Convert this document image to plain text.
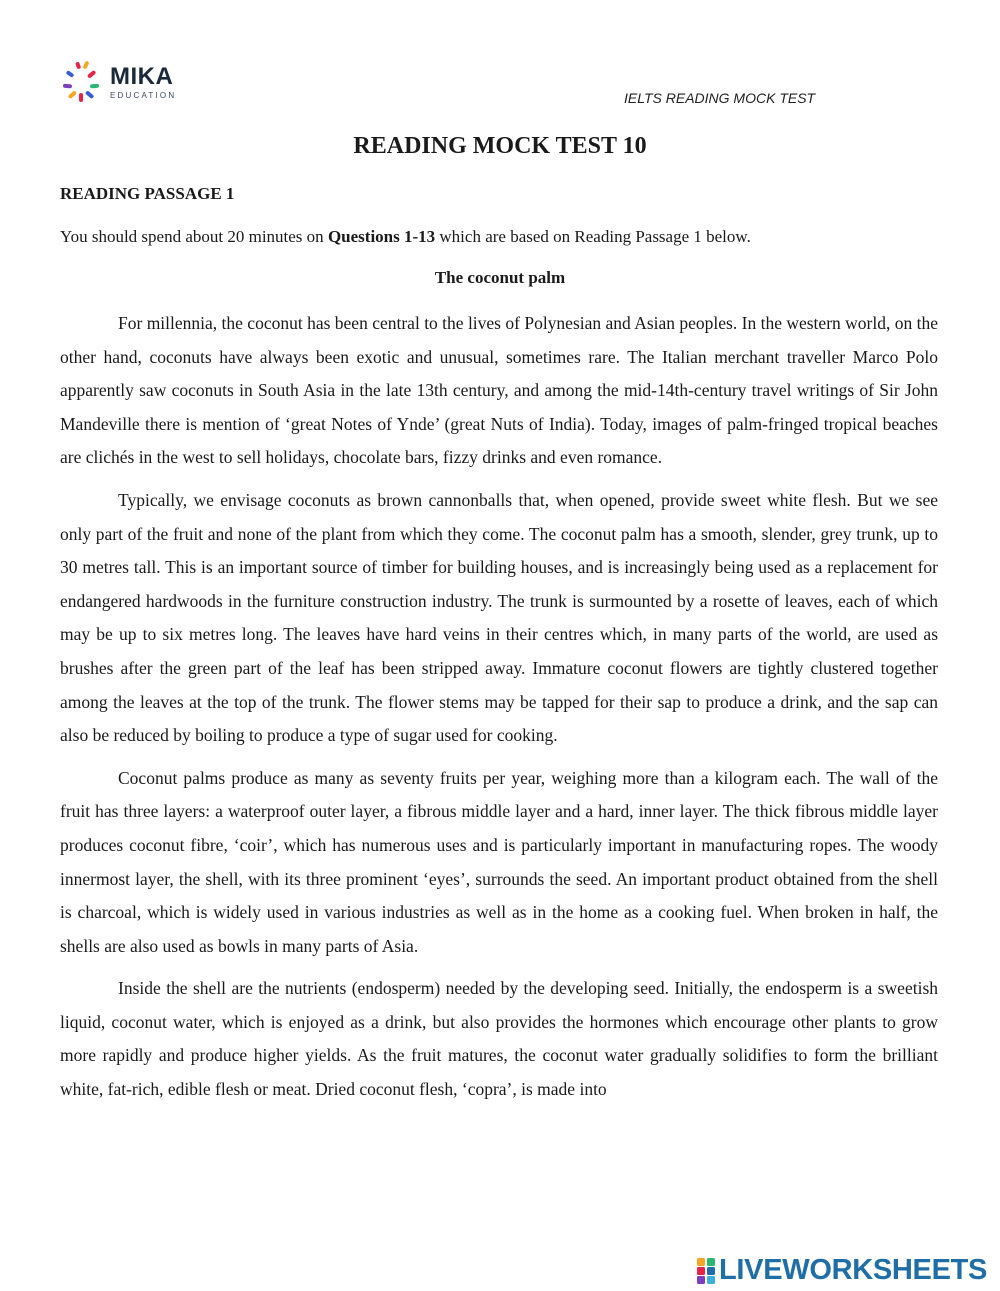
MIKA
EDUCATION	IELTS READING MOCK TEST
READING MOCK TEST 10
READING PASSAGE 1
You should spend about 20 minutes on Questions 1-13 which are based on Reading Passage 1 below.
The coconut palm

For millennia, the coconut has been central to the lives of Polynesian and Asian peoples. In the western world, on the other hand, coconuts have always been exotic and unusual, sometimes rare. The Italian merchant traveller Marco Polo apparently saw coconuts in South Asia in the late 13th century, and among the mid-14th-century travel writings of Sir John Mandeville there is mention of ‘great Notes of Ynde’ (great Nuts of India). Today, images of palm-fringed tropical beaches are clichés in the west to sell holidays, chocolate bars, fizzy drinks and even romance.

Typically, we envisage coconuts as brown cannonballs that, when opened, provide sweet white flesh. But we see only part of the fruit and none of the plant from which they come. The coconut palm has a smooth, slender, grey trunk, up to 30 metres tall. This is an important source of timber for building houses, and is increasingly being used as a replacement for endangered hardwoods in the furniture construction industry. The trunk is surmounted by a rosette of leaves, each of which may be up to six metres long. The leaves have hard veins in their centres which, in many parts of the world, are used as brushes after the green part of the leaf has been stripped away. Immature coconut flowers are tightly clustered together among the leaves at the top of the trunk. The flower stems may be tapped for their sap to produce a drink, and the sap can also be reduced by boiling to produce a type of sugar used for cooking.

Coconut palms produce as many as seventy fruits per year, weighing more than a kilogram each. The wall of the fruit has three layers: a waterproof outer layer, a fibrous middle layer and a hard, inner layer. The thick fibrous middle layer produces coconut fibre, ‘coir’, which has numerous uses and is particularly important in manufacturing ropes. The woody innermost layer, the shell, with its three prominent ‘eyes’, surrounds the seed. An important product obtained from the shell is charcoal, which is widely used in various industries as well as in the home as a cooking fuel. When broken in half, the shells are also used as bowls in many parts of Asia.

Inside the shell are the nutrients (endosperm) needed by the developing seed. Initially, the endosperm is a sweetish liquid, coconut water, which is enjoyed as a drink, but also provides the hormones which encourage other plants to grow more rapidly and produce higher yields. As the fruit matures, the coconut water gradually solidifies to form the brilliant white, fat-rich, edible flesh or meat. Dried coconut flesh, ‘copra’, is made into

LIVEWORKSHEETS
